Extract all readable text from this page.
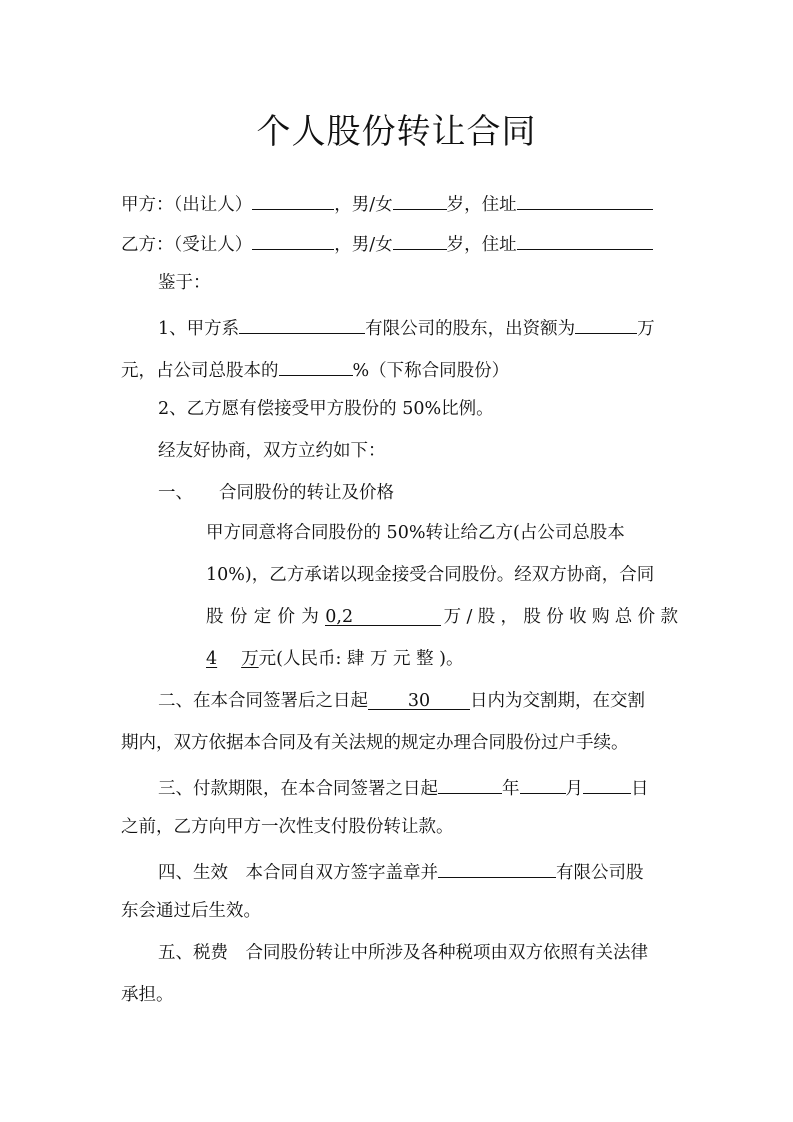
个人股份转让合同
甲方：（出让人）	，男/女	岁，住址
乙方：（受让人）	，男/女	岁，住址
鉴于：
1、甲方系	有限公司的股东，出资额为	万
元，占公司总股本的	%（下称合同股份）
2、乙方愿有偿接受甲方股份的 50%比例。
经友好协商，双方立约如下：
一、 合同股份的转让及价格
甲方同意将合同股份的 50%转让给乙方(占公司总股本
10%)，乙方承诺以现金接受合同股份。经双方协商，合同
股份定价为0,2	万/股，股份收购总价款
4 万元(人民币: 肆 万 元 整 )。
二、在本合同签署后之日起 30 日内为交割期，在交割
期内，双方依据本合同及有关法规的规定办理合同股份过户手续。
三、付款期限，在本合同签署之日起	年	月	日
之前，乙方向甲方一次性支付股份转让款。
四、生效　本合同自双方签字盖章并	有限公司股
东会通过后生效。
五、税费　合同股份转让中所涉及各种税项由双方依照有关法律
承担。
